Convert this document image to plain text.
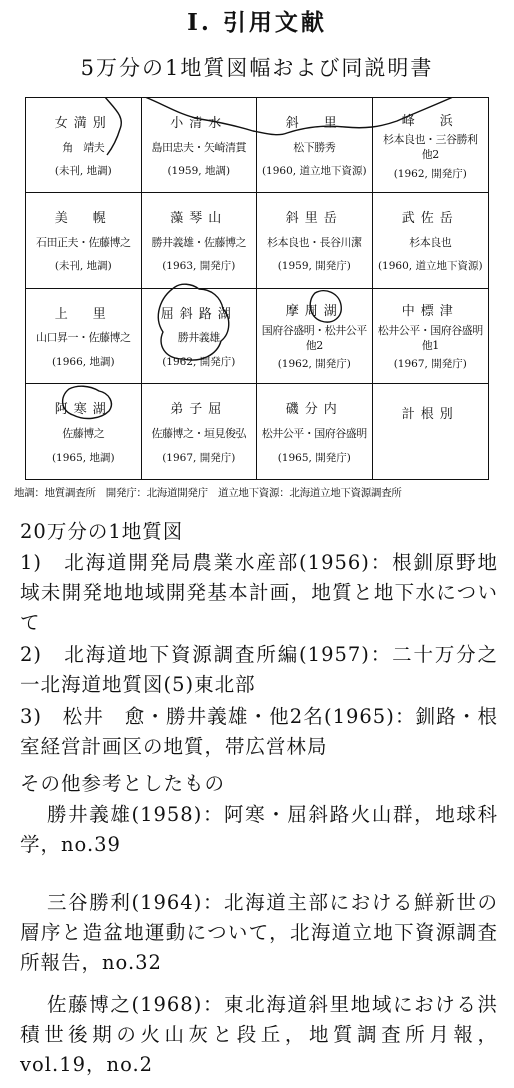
I. 引用文献
5万分の1地質図幅および同説明書
女満別
角　靖夫
(未刊, 地調)
小清水
島田忠夫・矢崎清貫
(1959, 地調)
斜　里
松下勝秀
(1960, 道立地下資源)
峰　浜
杉本良也・三谷勝利
他2
(1962, 開発庁)
美　幌
石田正夫・佐藤博之
(未刊, 地調)
藻琴山
勝井義雄・佐藤博之
(1963, 開発庁)
斜里岳
杉本良也・長谷川潔
(1959, 開発庁)
武佐岳
杉本良也
(1960, 道立地下資源)
上　里
山口昇一・佐藤博之
(1966, 地調)
屈斜路湖
勝井義雄
(1962, 開発庁)
摩周湖
国府谷盛明・松井公平
他2
(1962, 開発庁)
中標津
松井公平・国府谷盛明
他1
(1967, 開発庁)
阿寒湖
佐藤博之
(1965, 地調)
弟子屈
佐藤博之・垣見俊弘
(1967, 開発庁)
磯分内
松井公平・国府谷盛明
(1965, 開発庁)
計根別
地調：地質調査所　開発庁：北海道開発庁　道立地下資源：北海道立地下資源調査所
20万分の1地質図
1)　北海道開発局農業水産部(1956)：根釧原野地域未開発地地域開発基本計画，地質と地下水について
2)　北海道地下資源調査所編(1957)：二十万分之一北海道地質図(5)東北部
3)　松井　愈・勝井義雄・他2名(1965)：釧路・根室経営計画区の地質，帯広営林局
その他参考としたもの
勝井義雄(1958)：阿寒・屈斜路火山群，地球科学，no.39
三谷勝利(1964)：北海道主部における鮮新世の層序と造盆地運動について，北海道立地下資源調査所報告，no.32
佐藤博之(1968)：東北海道斜里地域における洪積世後期の火山灰と段丘，地質調査所月報，vol.19，no.2
